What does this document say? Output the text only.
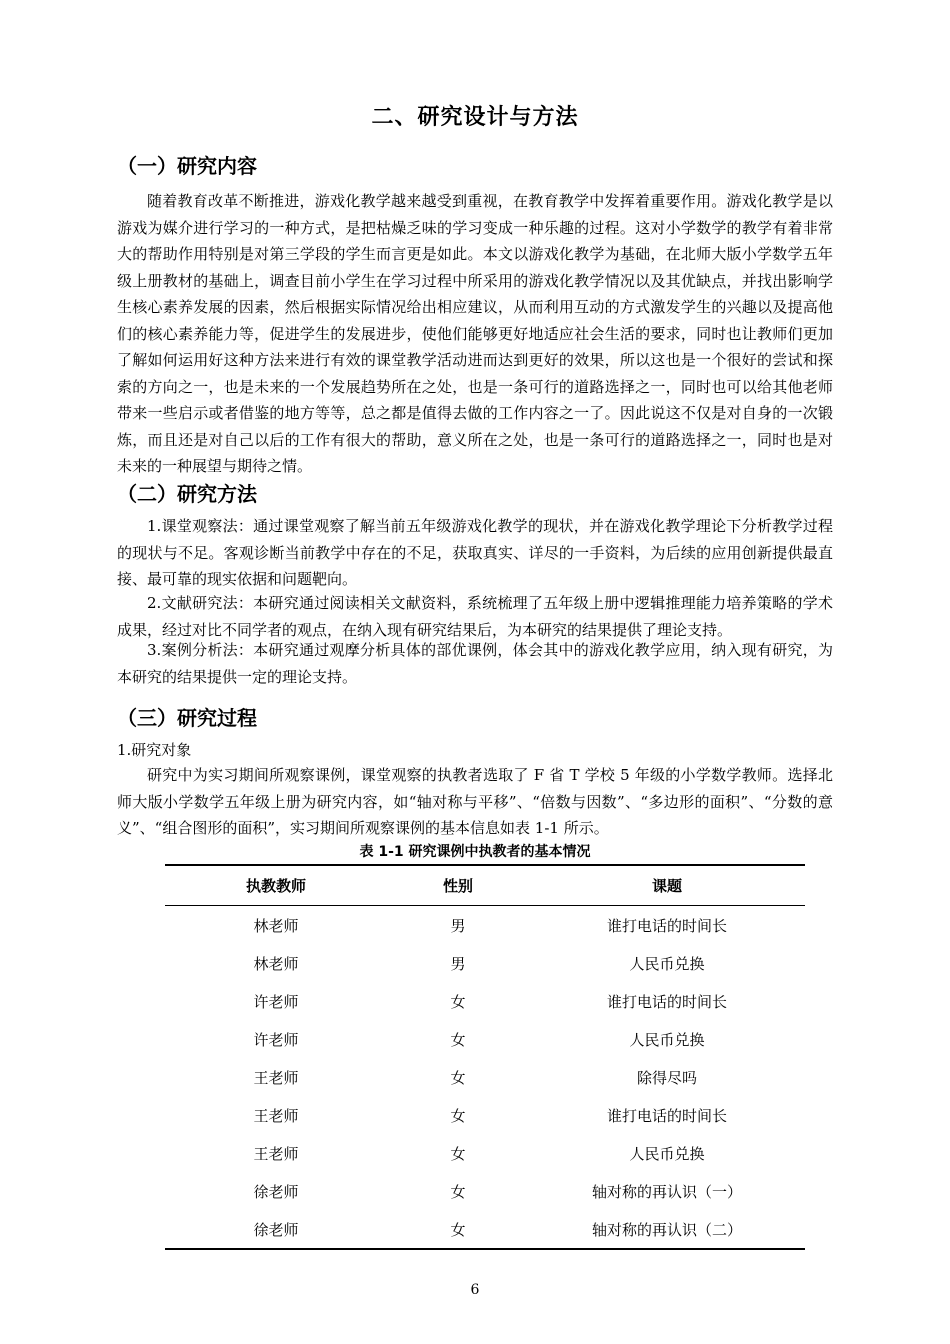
二、研究设计与方法
（一）研究内容

随着教育改革不断推进，游戏化教学越来越受到重视，在教育教学中发挥着重要作用。游戏化教学是以游戏为媒介进行学习的一种方式，是把枯燥乏味的学习变成一种乐趣的过程。这对小学数学的教学有着非常大的帮助作用特别是对第三学段的学生而言更是如此。本文以游戏化教学为基础，在北师大版小学数学五年级上册教材的基础上，调查目前小学生在学习过程中所采用的游戏化教学情况以及其优缺点，并找出影响学生核心素养发展的因素，然后根据实际情况给出相应建议，从而利用互动的方式激发学生的兴趣以及提高他们的核心素养能力等，促进学生的发展进步，使他们能够更好地适应社会生活的要求，同时也让教师们更加了解如何运用好这种方法来进行有效的课堂教学活动进而达到更好的效果，所以这也是一个很好的尝试和探索的方向之一，也是未来的一个发展趋势所在之处，也是一条可行的道路选择之一，同时也可以给其他老师带来一些启示或者借鉴的地方等等，总之都是值得去做的工作内容之一了。因此说这不仅是对自身的一次锻炼，而且还是对自己以后的工作有很大的帮助，意义所在之处，也是一条可行的道路选择之一，同时也是对未来的一种展望与期待之情。

（二）研究方法

1.课堂观察法：通过课堂观察了解当前五年级游戏化教学的现状，并在游戏化教学理论下分析教学过程的现状与不足。客观诊断当前教学中存在的不足，获取真实、详尽的一手资料，为后续的应用创新提供最直接、最可靠的现实依据和问题靶向。

2.文献研究法：本研究通过阅读相关文献资料，系统梳理了五年级上册中逻辑推理能力培养策略的学术成果，经过对比不同学者的观点，在纳入现有研究结果后，为本研究的结果提供了理论支持。

3.案例分析法：本研究通过观摩分析具体的部优课例，体会其中的游戏化教学应用，纳入现有研究，为本研究的结果提供一定的理论支持。

（三）研究过程

1.研究对象

研究中为实习期间所观察课例，课堂观察的执教者选取了 F 省 T 学校 5 年级的小学数学教师。选择北师大版小学数学五年级上册为研究内容，如“轴对称与平移”、“倍数与因数”、“多边形的面积”、“分数的意义”、“组合图形的面积”，实习期间所观察课例的基本信息如表 1-1 所示。

表 1-1 研究课例中执教者的基本情况
执教教师	性别	课题
林老师	男	谁打电话的时间长
林老师	男	人民币兑换
许老师	女	谁打电话的时间长
许老师	女	人民币兑换
王老师	女	除得尽吗
王老师	女	谁打电话的时间长
王老师	女	人民币兑换
徐老师	女	轴对称的再认识（一）
徐老师	女	轴对称的再认识（二）
6
